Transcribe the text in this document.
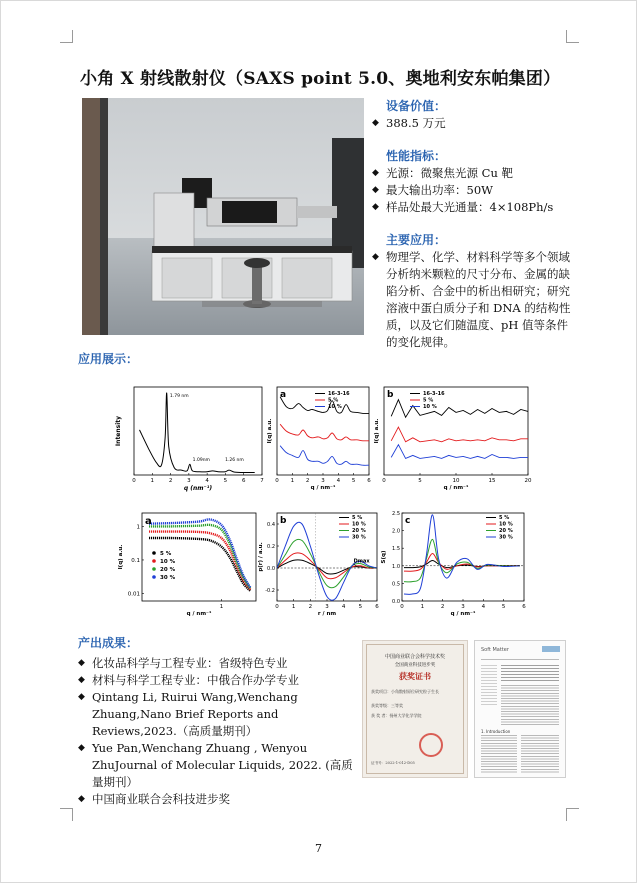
小角 X 射线散射仪（SAXS point 5.0、奥地利安东帕集团）
设备价值：
◆ 388.5 万元
性能指标：
◆ 光源：微聚焦光源 Cu 靶
◆ 最大输出功率：50W
◆ 样品处最大光通量：4×108Ph/s
主要应用：
◆ 物理学、化学、材料科学等多个领域分析纳米颗粒的尺寸分布、金属的缺陷分析、合金中的析出相研究；研究溶液中蛋白质分子和 DNA 的结构性质，以及它们随温度、pH 值等条件的变化规律。
应用展示：
0	1	2	3	4	5	6	7
Intensity
q (nm⁻¹)
1.79 nm
1.09nm	1.26 nm
0 1 2 3 4 5 6
I(q) a.u.
q / nm⁻¹
a	16-3-16
5 %
10 %
0	5	10	15	20
I(q) a.u.
q / nm⁻¹
b	16-3-16
5 %
10 %
1
0.1
0.01
1
I(q) a.u.
q / nm⁻¹
a
5 %
10 %
20 %
30 %
0 1 2 3 4 5 6
0.4
0.2
0.0
-0.2
p(r) / a.u.
r / nm
b	5 %
10 %
20 %
30 %
Dmax
0	1	2	3	4	5	6
0.0
0.5
1.0
1.5
2.0
2.5
S(q)
q / nm⁻¹
c	5 %
10 %
20 %
30 %
产出成果：
◆ 化妆品科学与工程专业：省级特色专业
◆ 材料与科学工程专业：中俄合作办学专业
◆ Qintang Li, Ruirui Wang,Wenchang Zhuang,Nano Brief Reports and Reviews,2023.（高质量期刊）
◆ Yue Pan,Wenchang Zhuang , Wenyou ZhuJournal of Molecular Liquids, 2022. (高质量期刊）
◆ 中国商业联合会科技进步奖
中国商业联合会科学技术奖
全国商业科技进步奖
获奖证书
获奖项目：小角散射原位研究粒子生长
获奖等级：三等奖
获 奖 者：扬州大学化学学院
证书号：2022-1-012-D05
Soft Matter
1. Introduction
7
